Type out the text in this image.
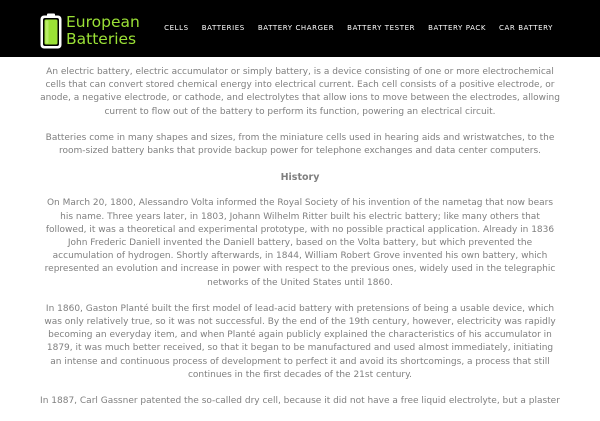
European
Batteries
CELLS BATTERIES BATTERY CHARGER BATTERY TESTER BATTERY PACK CAR BATTERY

An electric battery, electric accumulator or simply battery, is a device consisting of one or more electrochemical cells that can convert stored chemical energy into electrical current. Each cell consists of a positive electrode, or anode, a negative electrode, or cathode, and electrolytes that allow ions to move between the electrodes, allowing current to flow out of the battery to perform its function, powering an electrical circuit.

Batteries come in many shapes and sizes, from the miniature cells used in hearing aids and wristwatches, to the room-sized battery banks that provide backup power for telephone exchanges and data center computers.

History

On March 20, 1800, Alessandro Volta informed the Royal Society of his invention of the nametag that now bears his name. Three years later, in 1803, Johann Wilhelm Ritter built his electric battery; like many others that followed, it was a theoretical and experimental prototype, with no possible practical application. Already in 1836 John Frederic Daniell invented the Daniell battery, based on the Volta battery, but which prevented the accumulation of hydrogen. Shortly afterwards, in 1844, William Robert Grove invented his own battery, which represented an evolution and increase in power with respect to the previous ones, widely used in the telegraphic networks of the United States until 1860.

In 1860, Gaston Planté built the first model of lead-acid battery with pretensions of being a usable device, which was only relatively true, so it was not successful. By the end of the 19th century, however, electricity was rapidly becoming an everyday item, and when Planté again publicly explained the characteristics of his accumulator in 1879, it was much better received, so that it began to be manufactured and used almost immediately, initiating an intense and continuous process of development to perfect it and avoid its shortcomings, a process that still continues in the first decades of the 21st century.

In 1887, Carl Gassner patented the so-called dry cell, because it did not have a free liquid electrolyte, but a plaster
